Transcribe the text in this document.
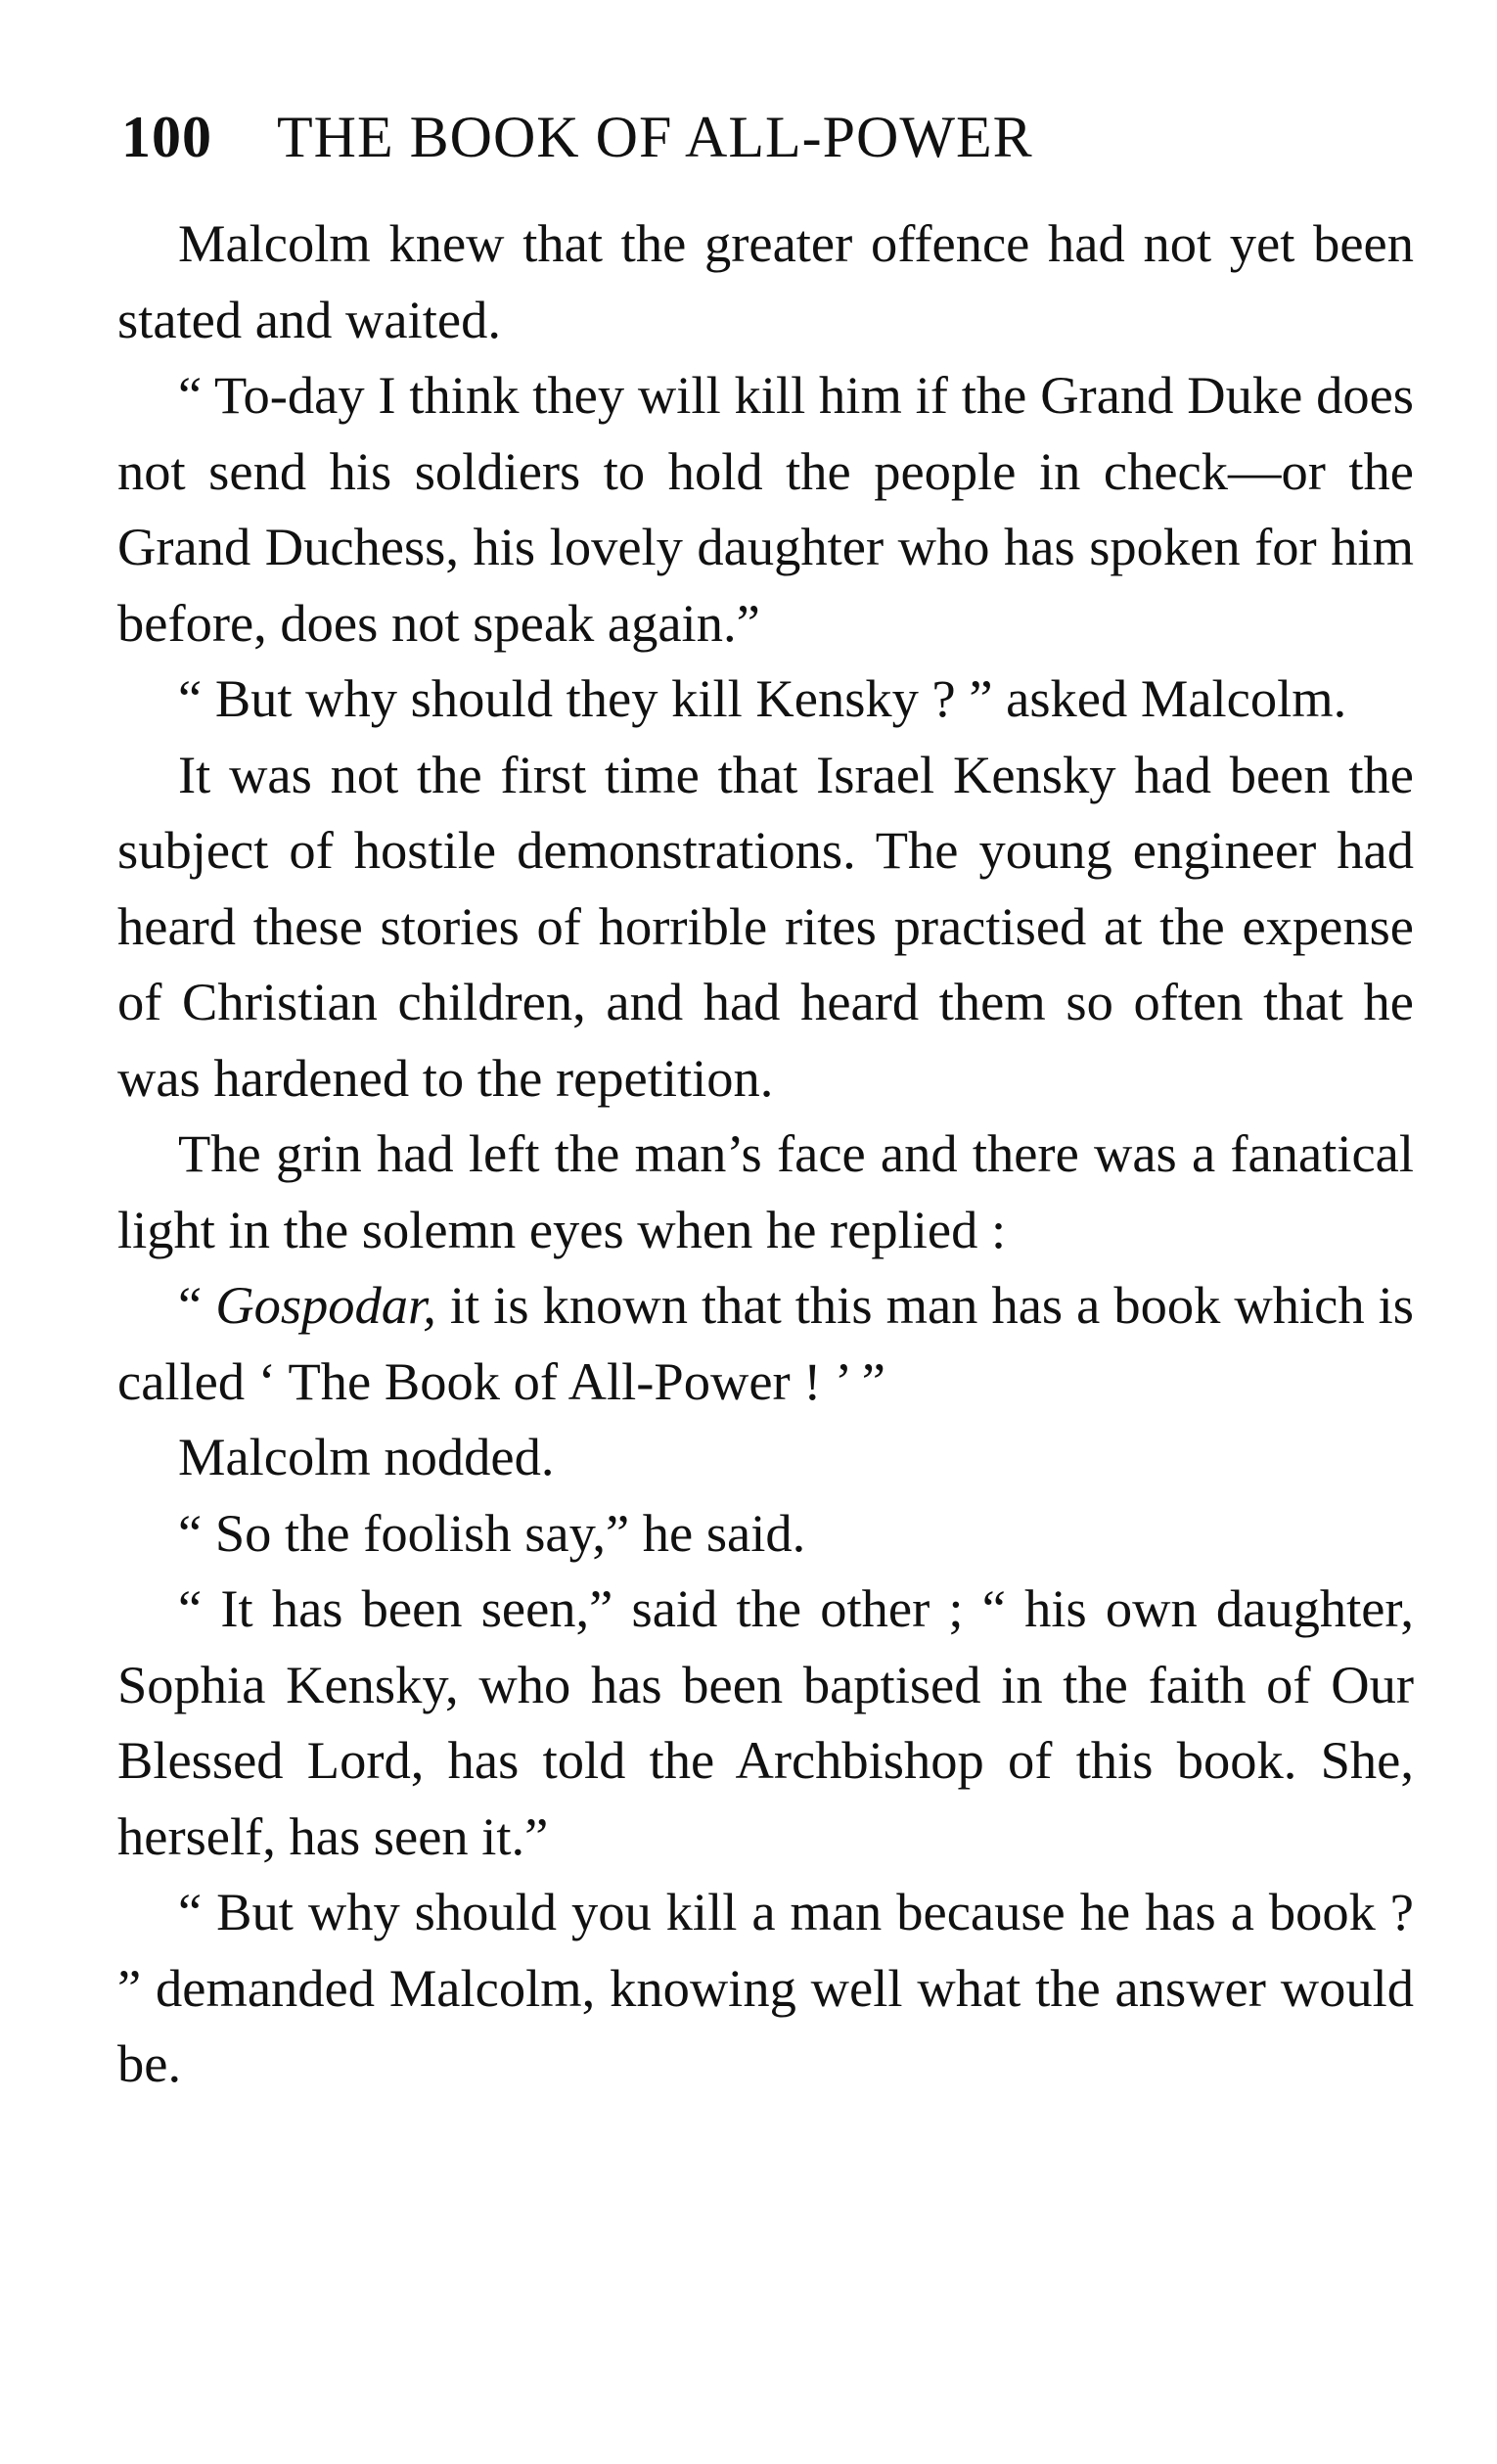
100 THE BOOK OF ALL-POWER

Malcolm knew that the greater offence had not yet been stated and waited.

“ To-day I think they will kill him if the Grand Duke does not send his soldiers to hold the people in check—or the Grand Duchess, his lovely daughter who has spoken for him before, does not speak again.”

“ But why should they kill Kensky ? ” asked Malcolm.

It was not the first time that Israel Kensky had been the subject of hostile demonstrations. The young engineer had heard these stories of horrible rites practised at the expense of Christian children, and had heard them so often that he was hardened to the repetition.

The grin had left the man’s face and there was a fanatical light in the solemn eyes when he replied :

“ Gospodar, it is known that this man has a book which is called ‘ The Book of All-Power ! ’ ”

Malcolm nodded.

“ So the foolish say,” he said.

“ It has been seen,” said the other ; “ his own daughter, Sophia Kensky, who has been baptised in the faith of Our Blessed Lord, has told the Archbishop of this book. She, herself, has seen it.”

“ But why should you kill a man because he has a book ? ” demanded Malcolm, knowing well what the answer would be.
